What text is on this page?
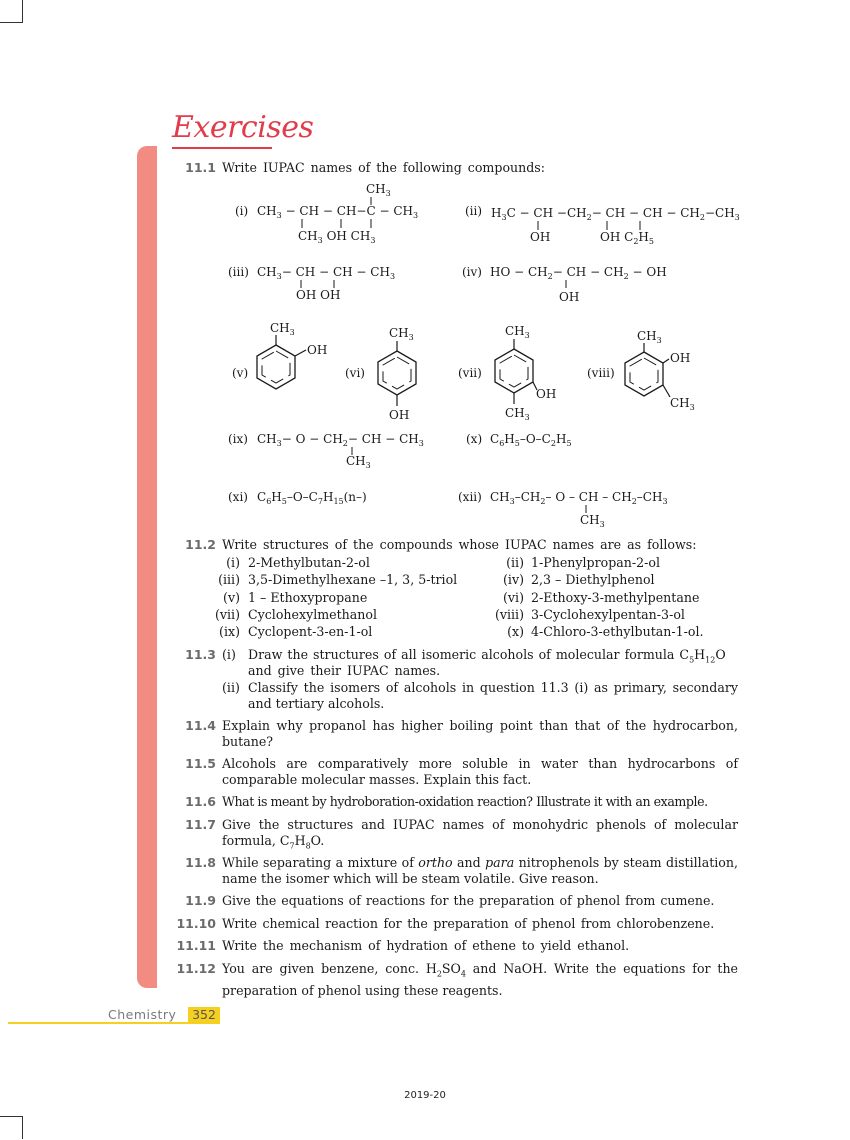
Exercises
11.1 Write IUPAC names of the following compounds:
(i)
$CH_3$
$CH_3$ − CH − $CH-C - CH_3$
$CH_3$ OH $CH_3$
(ii) $H_3C$ − CH $-CH_2-$ CH − CH − $CH_2-CH_3$
OH	OH $C_2H_5$
(iii) $CH_3-$ CH − CH − $CH_3$
OH OH
(iv) HO − $CH_2-$ CH − $CH_2$ − OH
OH
(v)
$CH_3$
OH
(vi)
$CH_3$
OH
(vii)
$CH_3$
OH
$CH_3$
(viii)
$CH_3$
OH
$CH_3$
(ix) $CH_3- O - CH_2-$ CH − $CH_3$
$CH_3$
(x) $C_6H_5-O-C_2H_5$
(xi) $C_6H_5-O-C_7H_{15}(n-)$	(xii) $CH_3-CH_2-$ O – CH – $CH_2-CH_3$
$CH_3$
11.2 Write structures of the compounds whose IUPAC names are as follows:
(i) 2-Methylbutan-2-ol	(ii) 1-Phenylpropan-2-ol
(iii) 3,5-Dimethylhexane –1, 3, 5-triol	(iv) 2,3 – Diethylphenol
(v) 1 – Ethoxypropane	(vi) 2-Ethoxy-3-methylpentane
(vii) Cyclohexylmethanol	(viii) 3-Cyclohexylpentan-3-ol
(ix) Cyclopent-3-en-1-ol	(x) 4-Chloro-3-ethylbutan-1-ol.
11.3 (i) Draw the structures of all isomeric alcohols of molecular formula $C_5H_{12}O$
and give their IUPAC names.
(ii) Classify the isomers of alcohols in question 11.3 (i) as primary, secondary and tertiary alcohols.
11.4 Explain why propanol has higher boiling point than that of the hydrocarbon, butane?
11.5 Alcohols are comparatively more soluble in water than hydrocarbons of comparable molecular masses. Explain this fact.
11.6 What is meant by hydroboration-oxidation reaction? Illustrate it with an example.
11.7 Give the structures and IUPAC names of monohydric phenols of molecular formula, $C_7H_8O$.
11.8 While separating a mixture of ortho and para nitrophenols by steam distillation, name the isomer which will be steam volatile. Give reason.
11.9 Give the equations of reactions for the preparation of phenol from cumene.
11.10 Write chemical reaction for the preparation of phenol from chlorobenzene.
11.11 Write the mechanism of hydration of ethene to yield ethanol.
11.12 You are given benzene, conc. $H_2SO_4$ and NaOH. Write the equations for the preparation of phenol using these reagents.
Chemistry	352
2019-20
